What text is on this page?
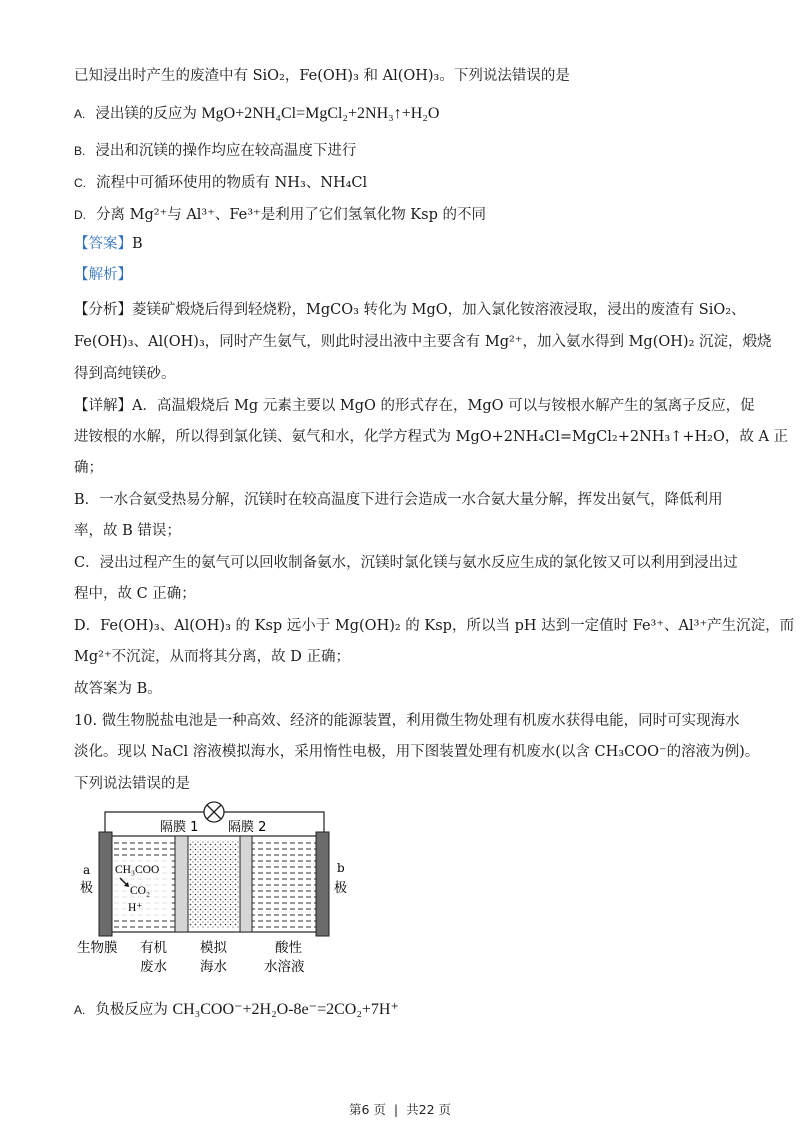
已知浸出时产生的废渣中有 SiO₂，Fe(OH)₃ 和 Al(OH)₃。下列说法错误的是
A. 浸出镁的反应为 MgO+2NH₄Cl=MgCl₂+2NH₃↑+H₂O
B. 浸出和沉镁的操作均应在较高温度下进行
C. 流程中可循环使用的物质有 NH₃、NH₄Cl
D. 分离 Mg²⁺与 Al³⁺、Fe³⁺是利用了它们氢氧化物 Ksp 的不同
【答案】B
【解析】
【分析】菱镁矿煅烧后得到轻烧粉，MgCO₃ 转化为 MgO，加入氯化铵溶液浸取，浸出的废渣有 SiO₂、
Fe(OH)₃、Al(OH)₃，同时产生氨气，则此时浸出液中主要含有 Mg²⁺，加入氨水得到 Mg(OH)₂ 沉淀，煅烧
得到高纯镁砂。
【详解】A．高温煅烧后 Mg 元素主要以 MgO 的形式存在，MgO 可以与铵根水解产生的氢离子反应，促
进铵根的水解，所以得到氯化镁、氨气和水，化学方程式为 MgO+2NH₄Cl=MgCl₂+2NH₃↑+H₂O，故 A 正
确；
B．一水合氨受热易分解，沉镁时在较高温度下进行会造成一水合氨大量分解，挥发出氨气，降低利用
率，故 B 错误；
C．浸出过程产生的氨气可以回收制备氨水，沉镁时氯化镁与氨水反应生成的氯化铵又可以利用到浸出过
程中，故 C 正确；
D．Fe(OH)₃、Al(OH)₃ 的 Ksp 远小于 Mg(OH)₂ 的 Ksp，所以当 pH 达到一定值时 Fe³⁺、Al³⁺产生沉淀，而
Mg²⁺不沉淀，从而将其分离，故 D 正确；
故答案为 B。
10. 微生物脱盐电池是一种高效、经济的能源装置，利用微生物处理有机废水获得电能，同时可实现海水
淡化。现以 NaCl 溶液模拟海水，采用惰性电极，用下图装置处理有机废水(以含 CH₃COO⁻的溶液为例)。
下列说法错误的是
隔膜 1 隔膜 2
a
极
b
极
CH₃COO
CO₂
H⁺
生物膜 有机
废水
模拟
海水
酸性
水溶液
A. 负极反应为 CH₃COO⁻+2H₂O-8e⁻=2CO₂+7H⁺
第6 页 | 共22 页
